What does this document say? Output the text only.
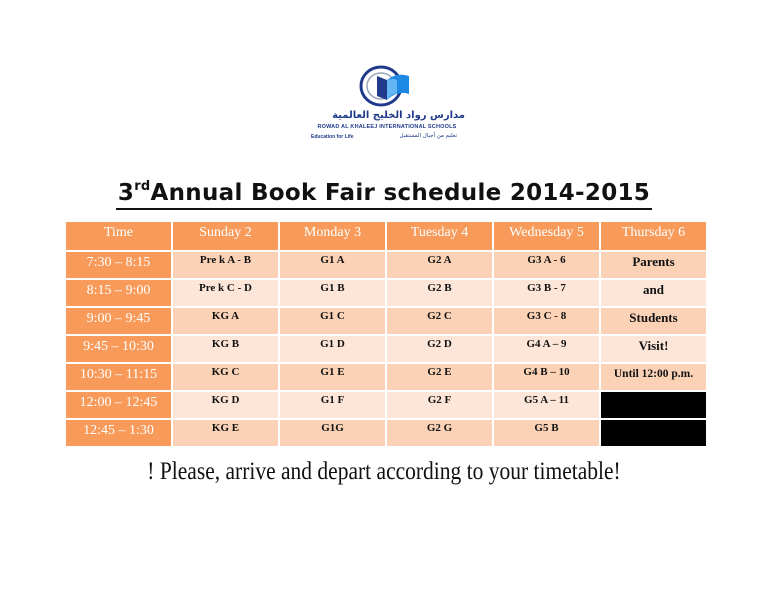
مدارس رواد الخليج العالمية
ROWAD AL KHALEEJ INTERNATIONAL SCHOOLS
Education for Life	تعليم من أجيال المستقبل
3rdAnnual Book Fair schedule 2014-2015
Time	Sunday 2	Monday 3	Tuesday 4	Wednesday 5	Thursday 6
7:30 – 8:15	Pre k A - B	G1 A	G2 A	G3 A - 6	Parents
8:15 – 9:00	Pre k C - D	G1 B	G2 B	G3 B - 7	and
9:00 – 9:45	KG A	G1 C	G2 C	G3 C - 8	Students
9:45 – 10:30	KG B	G1 D	G2 D	G4 A – 9	Visit!
10:30 – 11:15	KG C	G1 E	G2 E	G4 B – 10	Until 12:00 p.m.
12:00 – 12:45	KG D	G1 F	G2 F	G5 A – 11	
12:45 – 1:30	KG E	G1G	G2 G	G5 B	
! Please, arrive and depart according to your timetable!
